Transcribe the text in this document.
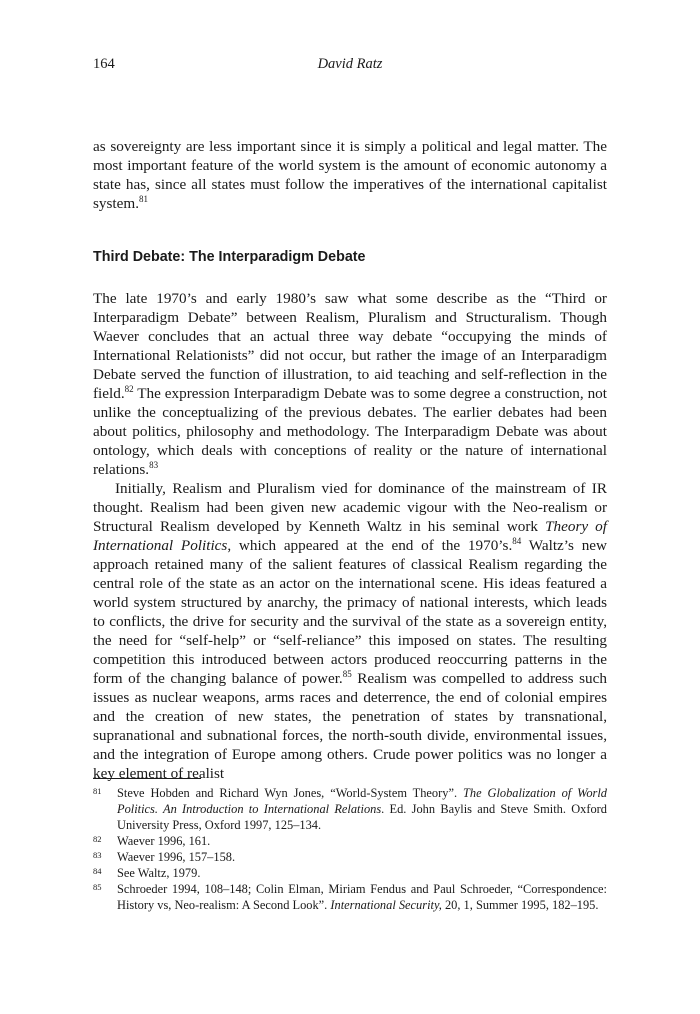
164	David Ratz

as sovereignty are less important since it is simply a political and legal matter. The most important feature of the world system is the amount of economic autonomy a state has, since all states must follow the imperatives of the international capitalist system.$^{81}$

Third Debate: The Interparadigm Debate

The late 1970’s and early 1980’s saw what some describe as the “Third or Interparadigm Debate” between Realism, Pluralism and Structuralism. Though Waever concludes that an actual three way debate “occupying the minds of International Relationists” did not occur, but rather the image of an Interparadigm Debate served the function of illustration, to aid teaching and self-reflection in the field.$^{82}$ The expression Interparadigm Debate was to some degree a construction, not unlike the conceptualizing of the previous debates. The earlier debates had been about politics, philosophy and methodology. The Interparadigm Debate was about ontology, which deals with conceptions of reality or the nature of international relations.$^{83}$

Initially, Realism and Pluralism vied for dominance of the mainstream of IR thought. Realism had been given new academic vigour with the Neo-realism or Structural Realism developed by Kenneth Waltz in his seminal work Theory of International Politics, which appeared at the end of the 1970’s.$^{84}$ Waltz’s new approach retained many of the salient features of classical Realism regarding the central role of the state as an actor on the international scene. His ideas featured a world system structured by anarchy, the primacy of national interests, which leads to conflicts, the drive for security and the survival of the state as a sovereign entity, the need for “self-help” or “self-reliance” this imposed on states. The resulting competition this introduced between actors produced reoccurring patterns in the form of the changing balance of power.$^{85}$ Realism was compelled to address such issues as nuclear weapons, arms races and deterrence, the end of colonial empires and the creation of new states, the penetration of states by transnational, supranational and subnational forces, the north-south divide, environmental issues, and the integration of Europe among others. Crude power politics was no longer a key element of realist

81 Steve Hobden and Richard Wyn Jones, “World-System Theory”. The Globalization of World Politics. An Introduction to International Relations. Ed. John Baylis and Steve Smith. Oxford University Press, Oxford 1997, 125–134.
82 Waever 1996, 161.
83 Waever 1996, 157–158.
84 See Waltz, 1979.
85 Schroeder 1994, 108–148; Colin Elman, Miriam Fendus and Paul Schroeder, “Correspondence: History vs, Neo-realism: A Second Look”. International Security, 20, 1, Summer 1995, 182–195.
